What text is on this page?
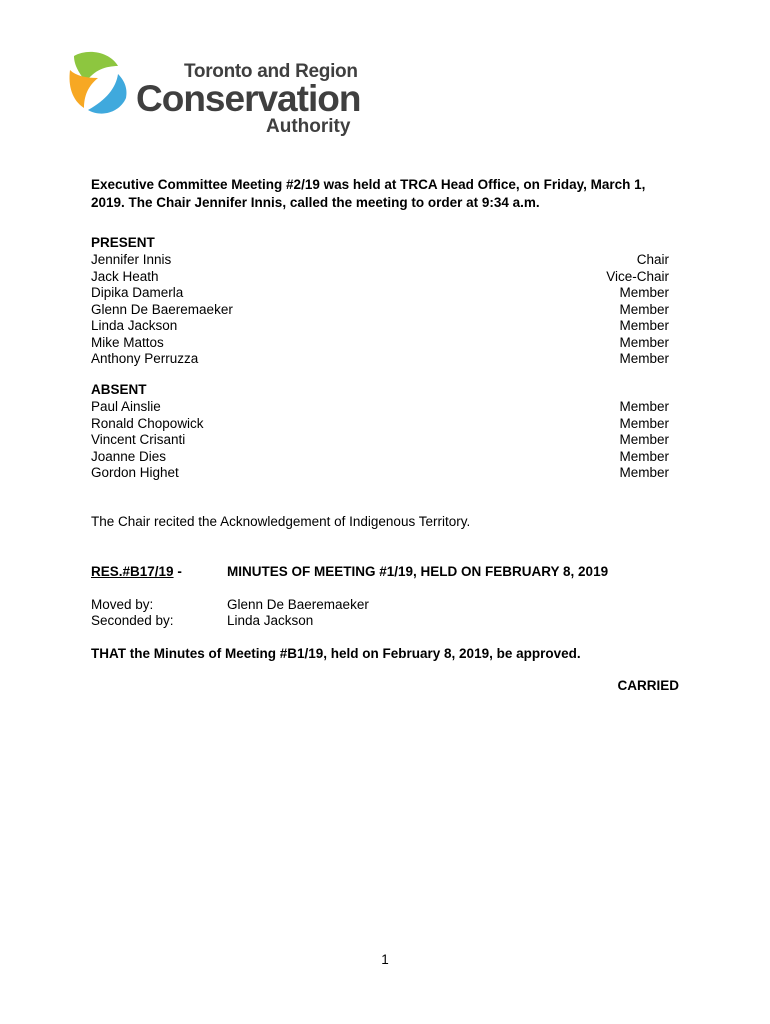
Toronto and Region
Conservation
Authority
Executive Committee Meeting #2/19 was held at TRCA Head Office, on Friday, March 1,
2019. The Chair Jennifer Innis, called the meeting to order at 9:34 a.m.
PRESENT
Jennifer Innis	Chair
Jack Heath	Vice-Chair
Dipika Damerla	Member
Glenn De Baeremaeker	Member
Linda Jackson	Member
Mike Mattos	Member
Anthony Perruzza	Member
ABSENT
Paul Ainslie	Member
Ronald Chopowick	Member
Vincent Crisanti	Member
Joanne Dies	Member
Gordon Highet	Member
The Chair recited the Acknowledgement of Indigenous Territory.
RES.#B17/19 -	MINUTES OF MEETING #1/19, HELD ON FEBRUARY 8, 2019
Moved by:	Glenn De Baeremaeker
Seconded by:	Linda Jackson
THAT the Minutes of Meeting #B1/19, held on February 8, 2019, be approved.
CARRIED
1
